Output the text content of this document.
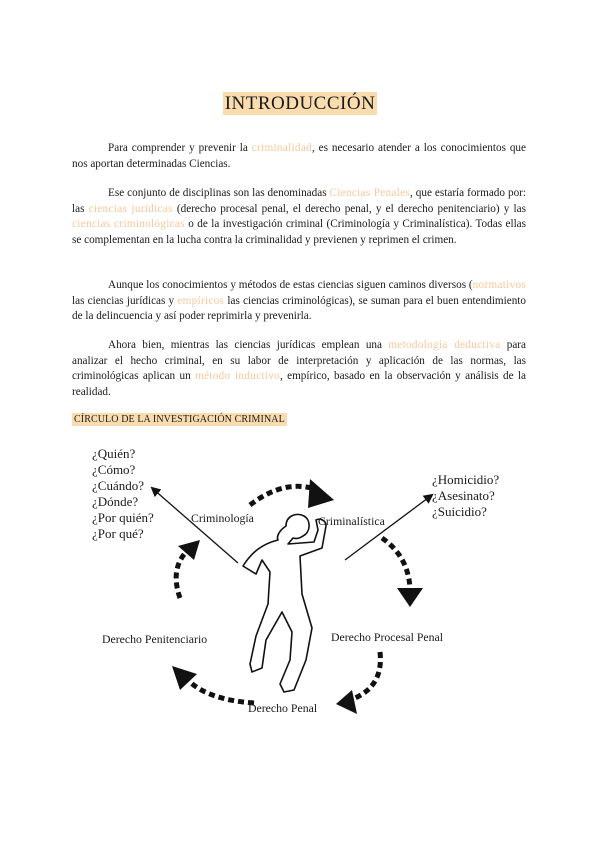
INTRODUCCIÓN
Para comprender y prevenir la criminalidad, es necesario atender a los conocimientos que nos aportan determinadas Ciencias.
Ese conjunto de disciplinas son las denominadas Ciencias Penales, que estaría formado por: las ciencias jurídicas (derecho procesal penal, el derecho penal, y el derecho penitenciario) y las ciencias criminológicas o de la investigación criminal (Criminología y Criminalística). Todas ellas se complementan en la lucha contra la criminalidad y previenen y reprimen el crimen.
Aunque los conocimientos y métodos de estas ciencias siguen caminos diversos (normativos las ciencias jurídicas y empíricos las ciencias criminológicas), se suman para el buen entendimiento de la delincuencia y así poder reprimirla y prevenirla.
Ahora bien, mientras las ciencias jurídicas emplean una metodología deductiva para analizar el hecho criminal, en su labor de interpretación y aplicación de las normas, las criminológicas aplican un método inductivo, empírico, basado en la observación y análisis de la realidad.
CÍRCULO DE LA INVESTIGACIÓN CRIMINAL
¿Quién?
¿Cómo?
¿Cuándo?
¿Dónde?
¿Por quién?
¿Por qué?
¿Homicidio?
¿Asesinato?
¿Suicidio?
Criminología	Criminalística
Derecho Penitenciario	Derecho Procesal Penal
Derecho Penal
